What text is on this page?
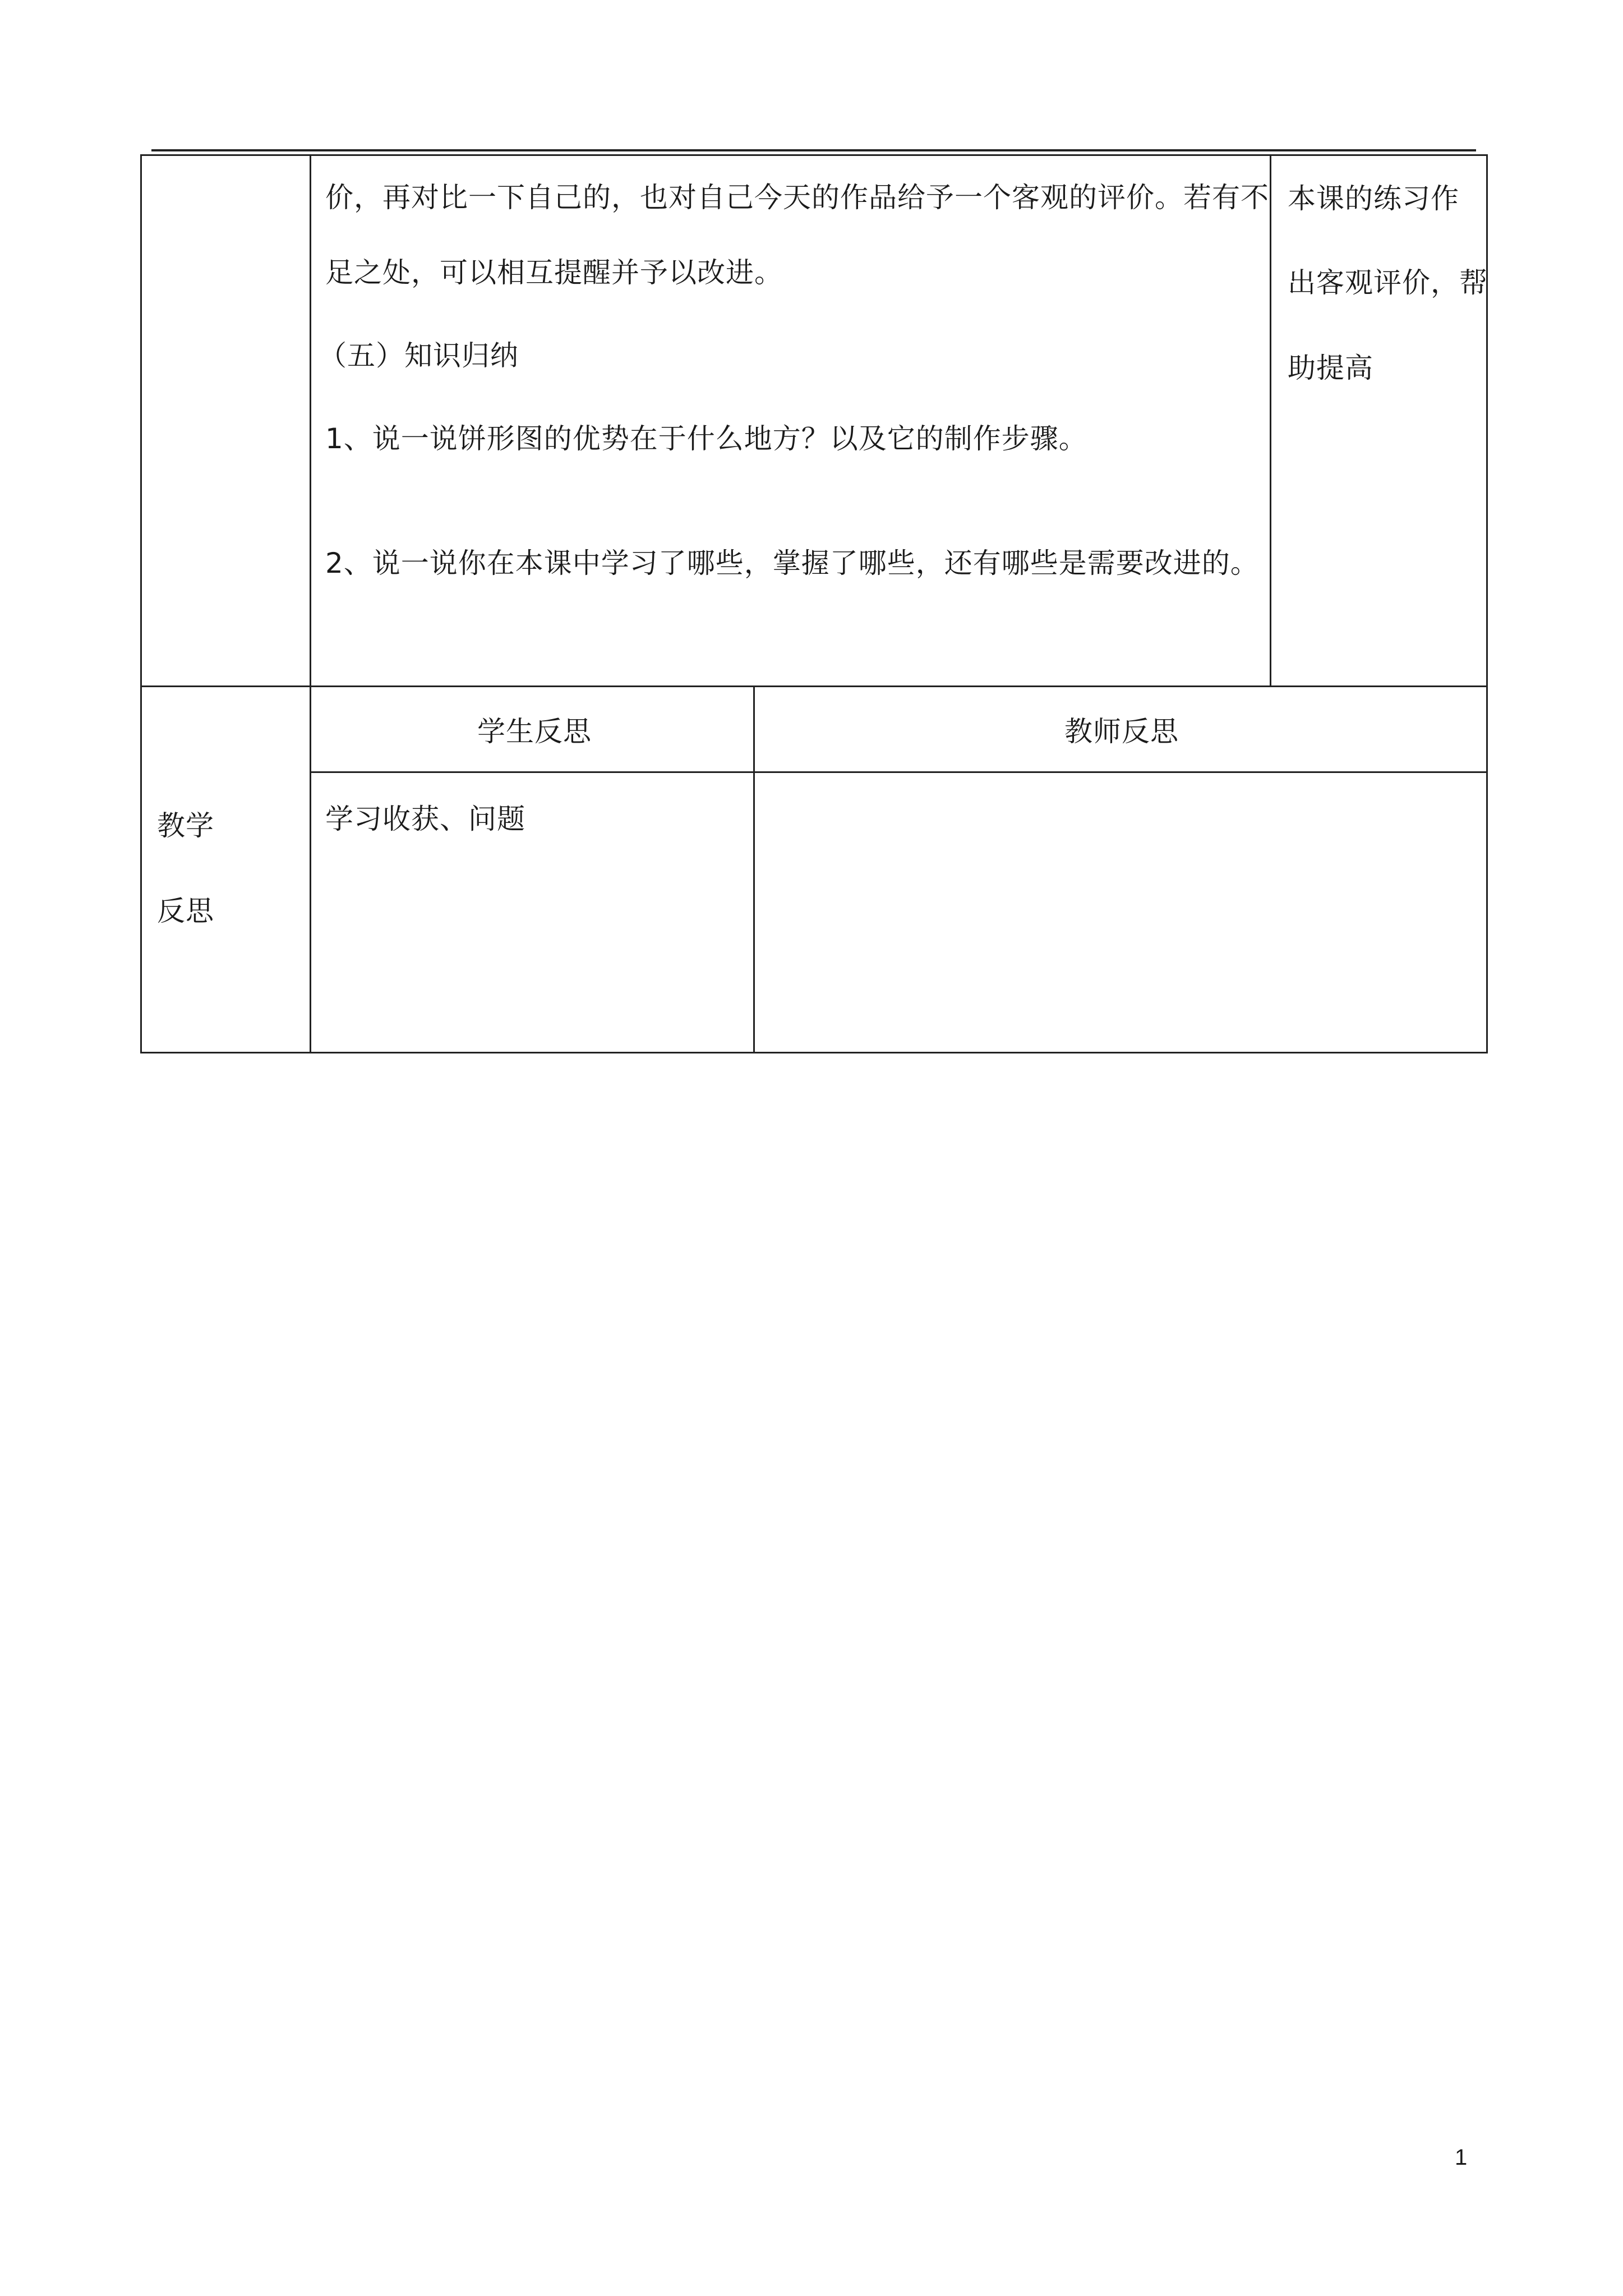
价，再对比一下自己的，也对自己今天的作品给予一个客观的评价。若有不
足之处，可以相互提醒并予以改进。
（五）知识归纳
1、说一说饼形图的优势在于什么地方？以及它的制作步骤。
2、说一说你在本课中学习了哪些，掌握了哪些，还有哪些是需要改进的。
本课的练习作
出客观评价，帮
助提高
教学
反思
学生反思	教师反思
学习收获、问题
1
